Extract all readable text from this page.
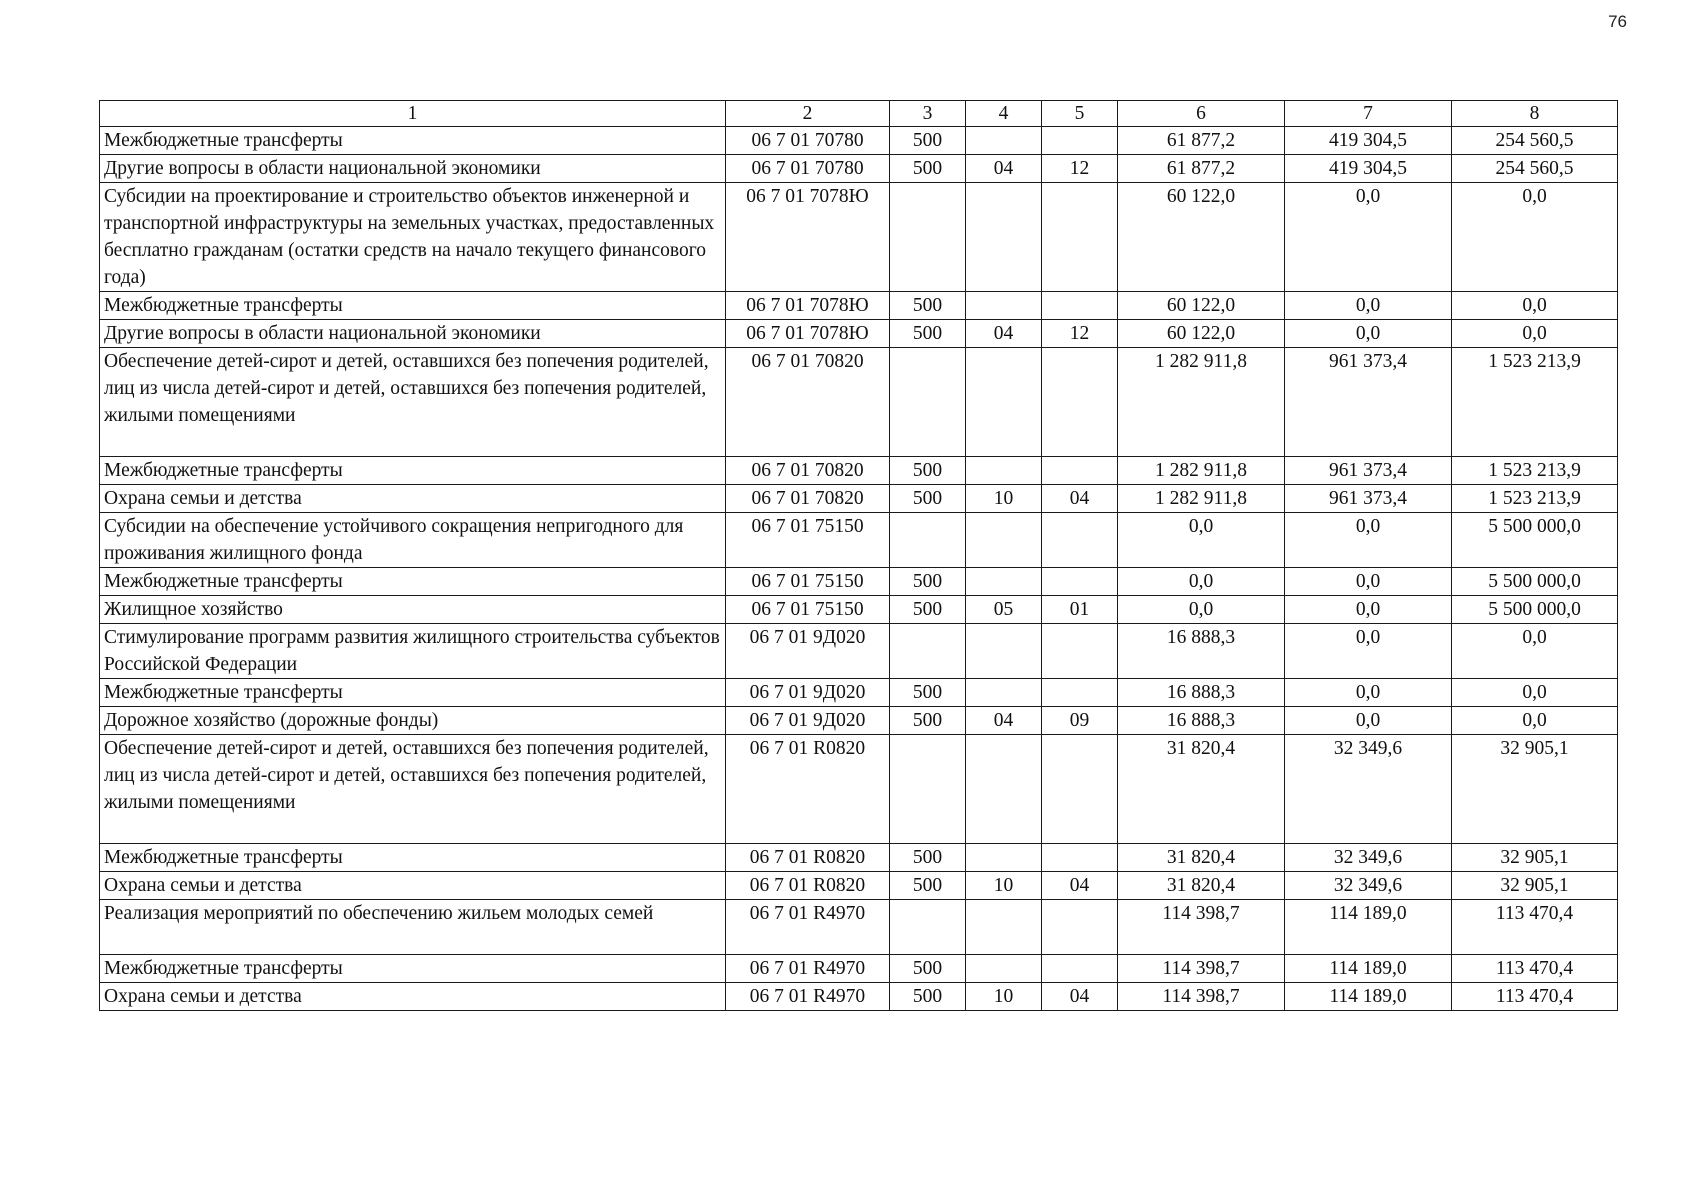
76
1	2	3	4	5	6	7	8
Межбюджетные трансферты	06 7 01 70780	500			61 877,2	419 304,5	254 560,5
Другие вопросы в области национальной экономики	06 7 01 70780	500	04	12	61 877,2	419 304,5	254 560,5
Субсидии на проектирование и строительство объектов инженерной и транспортной инфраструктуры на земельных участках, предоставленных бесплатно гражданам (остатки средств на начало текущего финансового года)	06 7 01 7078Ю				60 122,0	0,0	0,0
Межбюджетные трансферты	06 7 01 7078Ю	500			60 122,0	0,0	0,0
Другие вопросы в области национальной экономики	06 7 01 7078Ю	500	04	12	60 122,0	0,0	0,0
Обеспечение детей-сирот и детей, оставшихся без попечения родителей, лиц из числа детей-сирот и детей, оставшихся без попечения родителей, жилыми помещениями	06 7 01 70820				1 282 911,8	961 373,4	1 523 213,9
Межбюджетные трансферты	06 7 01 70820	500			1 282 911,8	961 373,4	1 523 213,9
Охрана семьи и детства	06 7 01 70820	500	10	04	1 282 911,8	961 373,4	1 523 213,9
Субсидии на обеспечение устойчивого сокращения непригодного для проживания жилищного фонда	06 7 01 75150				0,0	0,0	5 500 000,0
Межбюджетные трансферты	06 7 01 75150	500			0,0	0,0	5 500 000,0
Жилищное хозяйство	06 7 01 75150	500	05	01	0,0	0,0	5 500 000,0
Стимулирование программ развития жилищного строительства субъектов Российской Федерации	06 7 01 9Д020				16 888,3	0,0	0,0
Межбюджетные трансферты	06 7 01 9Д020	500			16 888,3	0,0	0,0
Дорожное хозяйство (дорожные фонды)	06 7 01 9Д020	500	04	09	16 888,3	0,0	0,0
Обеспечение детей-сирот и детей, оставшихся без попечения родителей, лиц из числа детей-сирот и детей, оставшихся без попечения родителей, жилыми помещениями	06 7 01 R0820				31 820,4	32 349,6	32 905,1
Межбюджетные трансферты	06 7 01 R0820	500			31 820,4	32 349,6	32 905,1
Охрана семьи и детства	06 7 01 R0820	500	10	04	31 820,4	32 349,6	32 905,1
Реализация мероприятий по обеспечению жильем молодых семей	06 7 01 R4970				114 398,7	114 189,0	113 470,4
Межбюджетные трансферты	06 7 01 R4970	500			114 398,7	114 189,0	113 470,4
Охрана семьи и детства	06 7 01 R4970	500	10	04	114 398,7	114 189,0	113 470,4
